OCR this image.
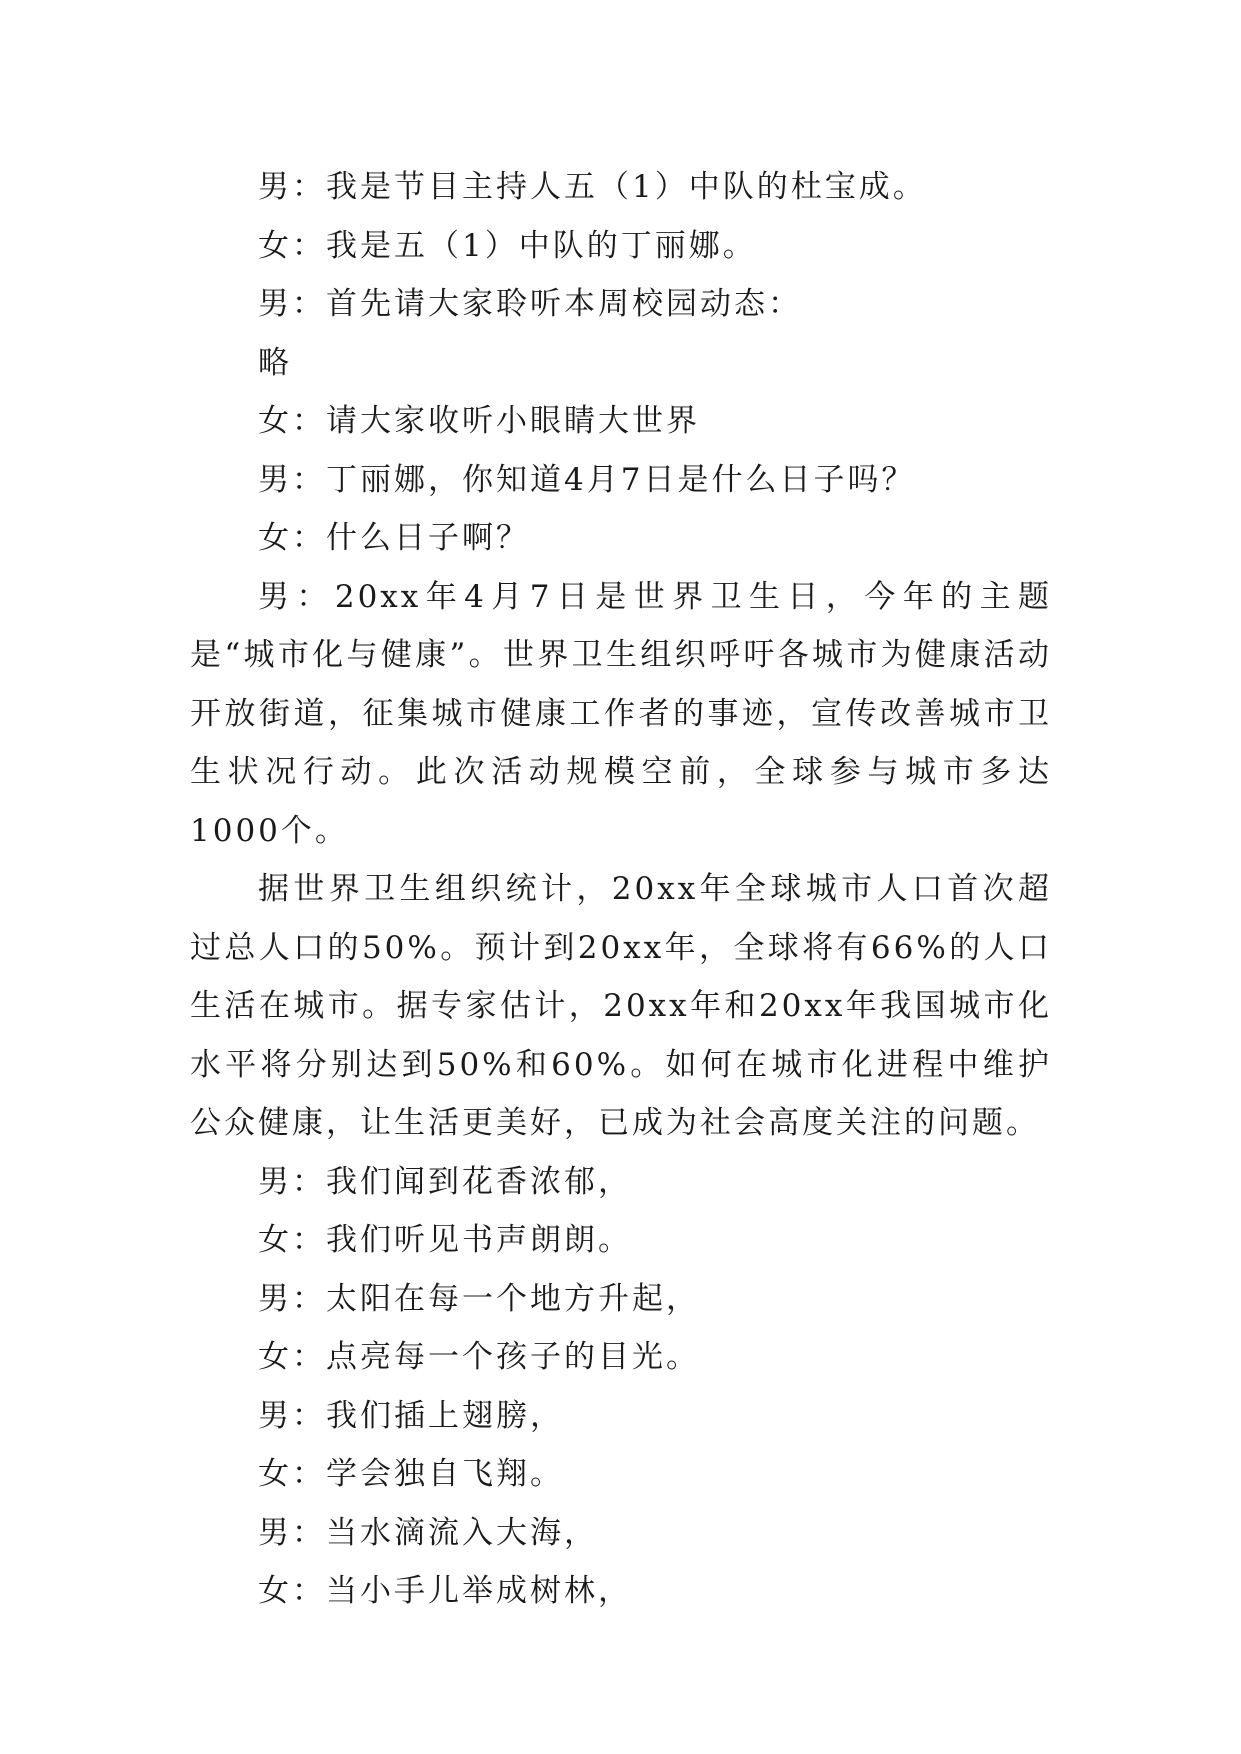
男：我是节目主持人五（1）中队的杜宝成。

女：我是五（1）中队的丁丽娜。

男：首先请大家聆听本周校园动态：

略

女：请大家收听小眼睛大世界

男：丁丽娜，你知道4月7日是什么日子吗？

女：什么日子啊？

男：20xx年4月7日是世界卫生日，今年的主题是“城市化与健康”。世界卫生组织呼吁各城市为健康活动开放街道，征集城市健康工作者的事迹，宣传改善城市卫生状况行动。此次活动规模空前，全球参与城市多达1000个。

据世界卫生组织统计，20xx年全球城市人口首次超过总人口的50%。预计到20xx年，全球将有66%的人口生活在城市。据专家估计，20xx年和20xx年我国城市化水平将分别达到50%和60%。如何在城市化进程中维护公众健康，让生活更美好，已成为社会高度关注的问题。

男：我们闻到花香浓郁，

女：我们听见书声朗朗。

男：太阳在每一个地方升起，

女：点亮每一个孩子的目光。

男：我们插上翅膀，

女：学会独自飞翔。

男：当水滴流入大海，

女：当小手儿举成树林，
